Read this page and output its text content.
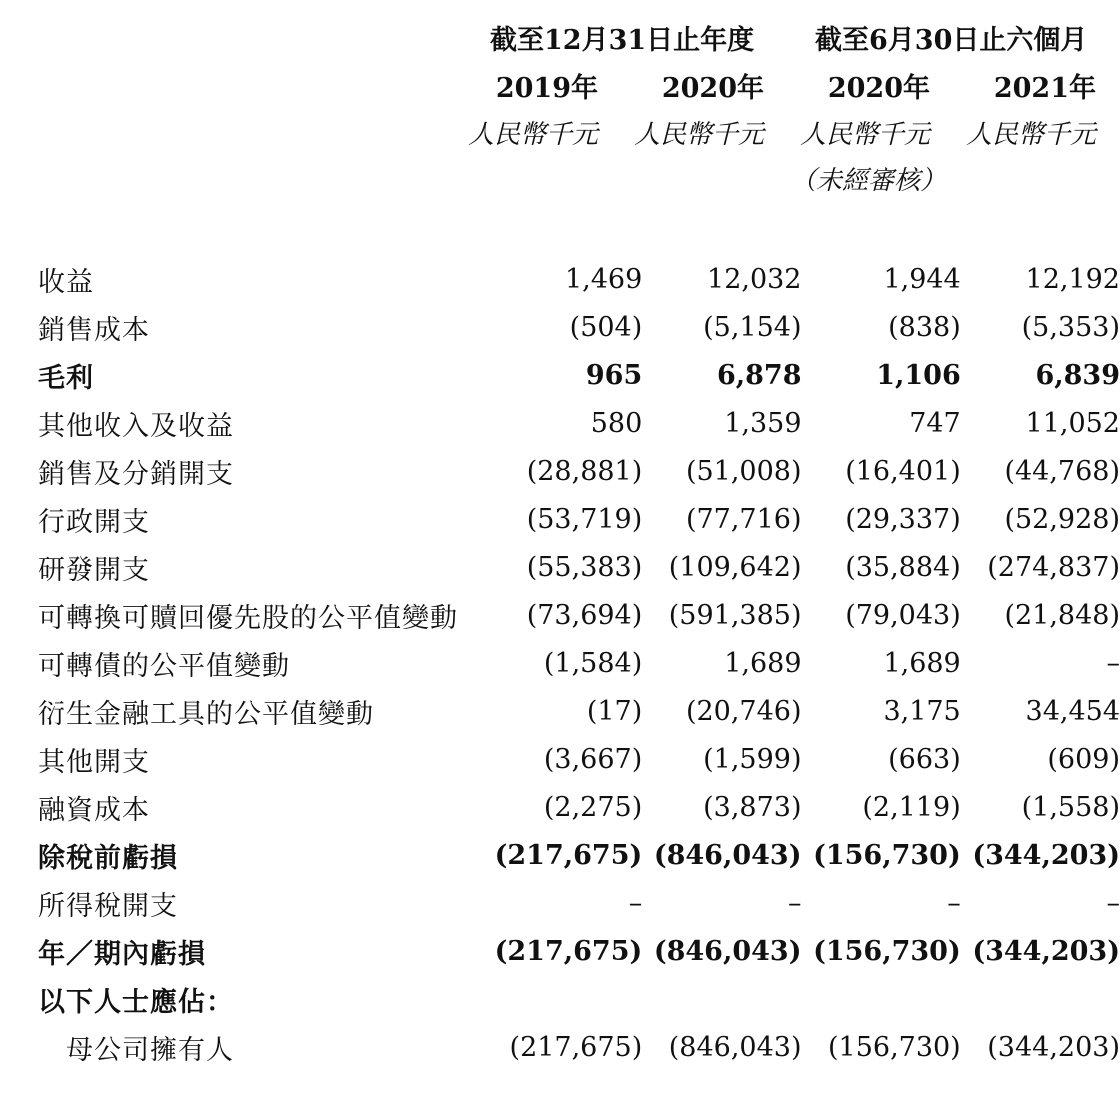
截至12月31日止年度 截至6月30日止六個月
2019年	2020年	2020年	2021年
人民幣千元	人民幣千元	人民幣千元	人民幣千元
（未經審核）
收益	1,469	12,032	1,944	12,192
銷售成本	(504)	(5,154)	(838)	(5,353)
毛利	965	6,878	1,106	6,839
其他收入及收益	580	1,359	747	11,052
銷售及分銷開支	(28,881)	(51,008)	(16,401)	(44,768)
行政開支	(53,719)	(77,716)	(29,337)	(52,928)
研發開支	(55,383)	(109,642)	(35,884)	(274,837)
可轉換可贖回優先股的公平值變動	(73,694)	(591,385)	(79,043)	(21,848)
可轉債的公平值變動	(1,584)	1,689	1,689	–
衍生金融工具的公平值變動	(17)	(20,746)	3,175	34,454
其他開支	(3,667)	(1,599)	(663)	(609)
融資成本	(2,275)	(3,873)	(2,119)	(1,558)
除稅前虧損	(217,675)	(846,043)	(156,730)	(344,203)
所得稅開支	–	–	–	–
年／期內虧損	(217,675)	(846,043)	(156,730)	(344,203)
以下人士應佔：				
母公司擁有人	(217,675)	(846,043)	(156,730)	(344,203)
